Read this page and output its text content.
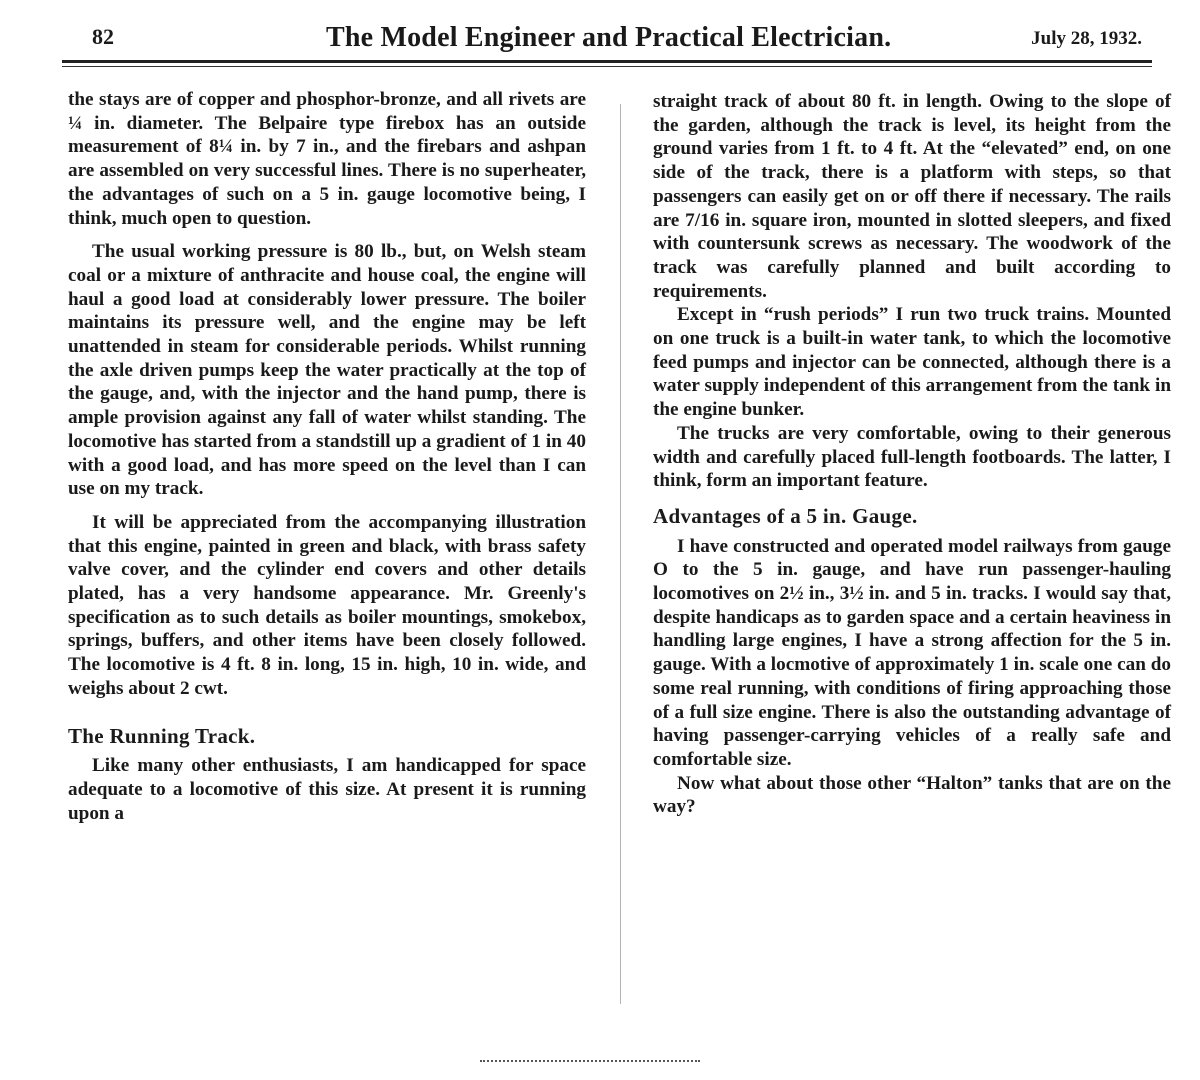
82	The Model Engineer and Practical Electrician.	July 28, 1932.

the stays are of copper and phosphor-bronze, and all rivets are ¼ in. diameter. The Belpaire type firebox has an outside measurement of 8¼ in. by 7 in., and the firebars and ashpan are assembled on very successful lines. There is no superheater, the advantages of such on a 5 in. gauge locomotive being, I think, much open to question.

The usual working pressure is 80 lb., but, on Welsh steam coal or a mixture of anthracite and house coal, the engine will haul a good load at considerably lower pressure. The boiler maintains its pressure well, and the engine may be left unattended in steam for considerable periods. Whilst running the axle driven pumps keep the water practically at the top of the gauge, and, with the injector and the hand pump, there is ample provision against any fall of water whilst standing. The locomotive has started from a standstill up a gradient of 1 in 40 with a good load, and has more speed on the level than I can use on my track.

It will be appreciated from the accompanying illustration that this engine, painted in green and black, with brass safety valve cover, and the cylinder end covers and other details plated, has a very handsome appearance. Mr. Greenly's specification as to such details as boiler mountings, smokebox, springs, buffers, and other items have been closely followed. The locomotive is 4 ft. 8 in. long, 15 in. high, 10 in. wide, and weighs about 2 cwt.

The Running Track.

Like many other enthusiasts, I am handicapped for space adequate to a locomotive of this size. At present it is running upon a

straight track of about 80 ft. in length. Owing to the slope of the garden, although the track is level, its height from the ground varies from 1 ft. to 4 ft. At the “elevated” end, on one side of the track, there is a platform with steps, so that passengers can easily get on or off there if necessary. The rails are 7/16 in. square iron, mounted in slotted sleepers, and fixed with countersunk screws as necessary. The woodwork of the track was carefully planned and built according to requirements.

Except in “rush periods” I run two truck trains. Mounted on one truck is a built-in water tank, to which the locomotive feed pumps and injector can be connected, although there is a water supply independent of this arrangement from the tank in the engine bunker.

The trucks are very comfortable, owing to their generous width and carefully placed full-length footboards. The latter, I think, form an important feature.

Advantages of a 5 in. Gauge.

I have constructed and operated model railways from gauge O to the 5 in. gauge, and have run passenger-hauling locomotives on 2½ in., 3½ in. and 5 in. tracks. I would say that, despite handicaps as to garden space and a certain heaviness in handling large engines, I have a strong affection for the 5 in. gauge. With a locmotive of approximately 1 in. scale one can do some real running, with conditions of firing approaching those of a full size engine. There is also the outstanding advantage of having passenger-carrying vehicles of a really safe and comfortable size.

Now what about those other “Halton” tanks that are on the way?
